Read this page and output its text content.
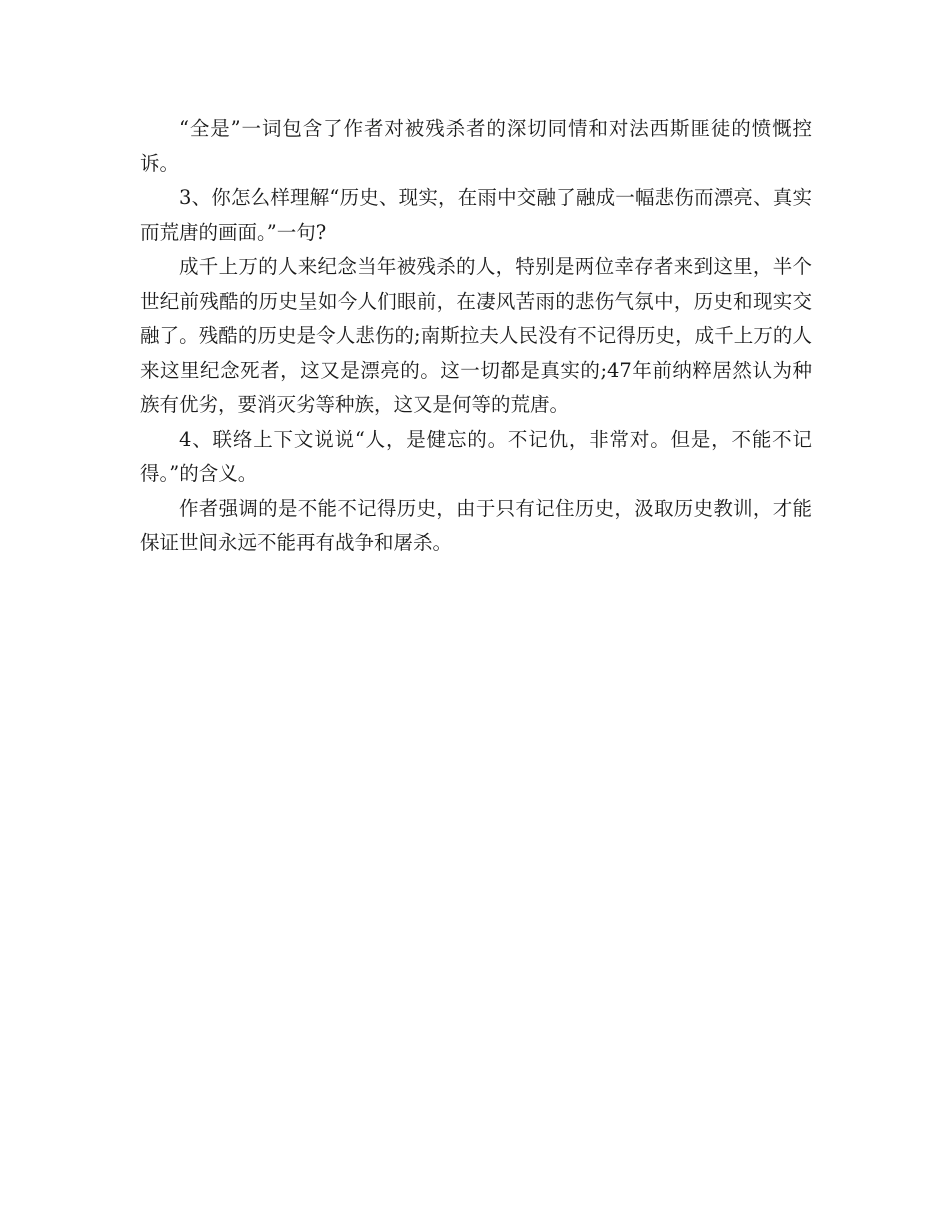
“全是”一词包含了作者对被残杀者的深切同情和对法西斯匪徒的愤慨控诉。

3、你怎么样理解“历史、现实，在雨中交融了融成一幅悲伤而漂亮、真实而荒唐的画面。”一句?

成千上万的人来纪念当年被残杀的人，特别是两位幸存者来到这里，半个世纪前残酷的历史呈如今人们眼前，在凄风苦雨的悲伤气氛中，历史和现实交融了。残酷的历史是令人悲伤的;南斯拉夫人民没有不记得历史，成千上万的人来这里纪念死者，这又是漂亮的。这一切都是真实的;47年前纳粹居然认为种族有优劣，要消灭劣等种族，这又是何等的荒唐。

4、联络上下文说说“人，是健忘的。不记仇，非常对。但是，不能不记得。”的含义。

作者强调的是不能不记得历史，由于只有记住历史，汲取历史教训，才能保证世间永远不能再有战争和屠杀。
